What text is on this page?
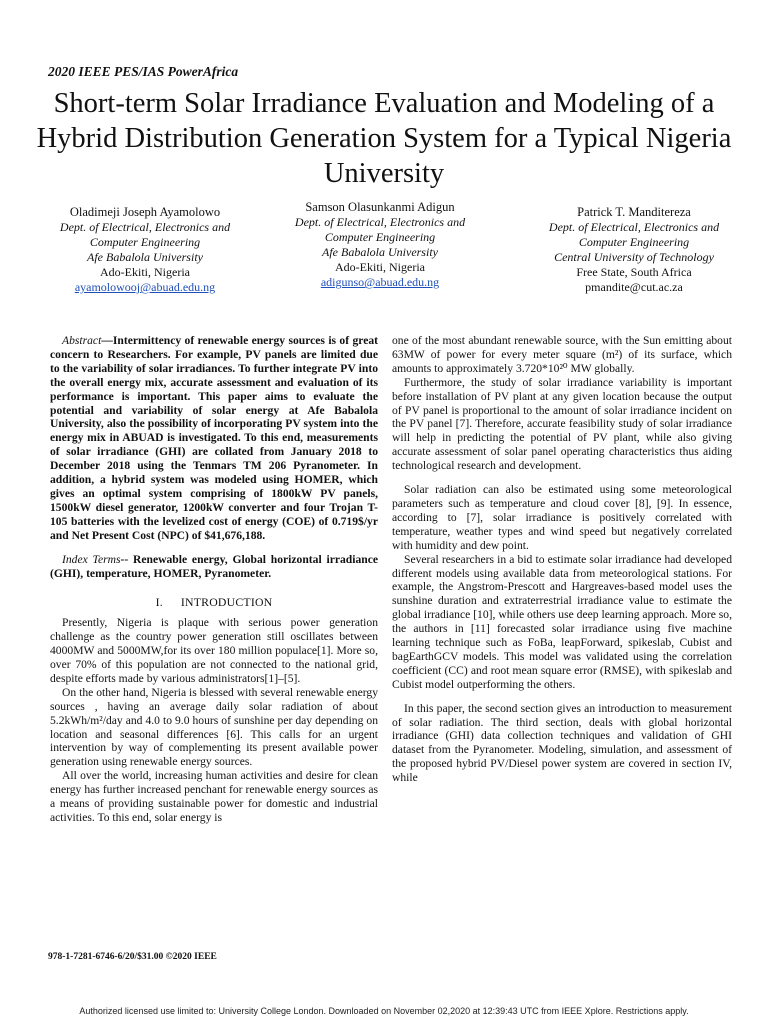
2020 IEEE PES/IAS PowerAfrica
Short-term Solar Irradiance Evaluation and Modeling of a Hybrid Distribution Generation System for a Typical Nigeria University
Oladimeji Joseph Ayamolowo
Dept. of Electrical, Electronics and
Computer Engineering
Afe Babalola University
Ado-Ekiti, Nigeria
ayamolowooj@abuad.edu.ng
Samson Olasunkanmi Adigun
Dept. of Electrical, Electronics and
Computer Engineering
Afe Babalola University
Ado-Ekiti, Nigeria
adigunso@abuad.edu.ng
Patrick T. Manditereza
Dept. of Electrical, Electronics and
Computer Engineering
Central University of Technology
Free State, South Africa
pmandite@cut.ac.za

Abstract—Intermittency of renewable energy sources is of great concern to Researchers. For example, PV panels are limited due to the variability of solar irradiances. To further integrate PV into the overall energy mix, accurate assessment and evaluation of its performance is important. This paper aims to evaluate the potential and variability of solar energy at Afe Babalola University, also the possibility of incorporating PV system into the energy mix in ABUAD is investigated. To this end, measurements of solar irradiance (GHI) are collated from January 2018 to December 2018 using the Tenmars TM 206 Pyranometer. In addition, a hybrid system was modeled using HOMER, which gives an optimal system comprising of 1800kW PV panels, 1500kW diesel generator, 1200kW converter and four Trojan T-105 batteries with the levelized cost of energy (COE) of 0.719$/yr and Net Present Cost (NPC) of $41,676,188.

Index Terms-- Renewable energy, Global horizontal irradiance (GHI), temperature, HOMER, Pyranometer.

I. INTRODUCTION

Presently, Nigeria is plaque with serious power generation challenge as the country power generation still oscillates between 4000MW and 5000MW,for its over 180 million populace[1]. More so, over 70% of this population are not connected to the national grid, despite efforts made by various administrators[1]–[5].

On the other hand, Nigeria is blessed with several renewable energy sources , having an average daily solar radiation of about 5.2kWh/m²/day and 4.0 to 9.0 hours of sunshine per day depending on location and seasonal differences [6]. This calls for an urgent intervention by way of complementing its present available power generation using renewable energy sources.

All over the world, increasing human activities and desire for clean energy has further increased penchant for renewable energy sources as a means of providing sustainable power for domestic and industrial activities. To this end, solar energy is

one of the most abundant renewable source, with the Sun emitting about 63MW of power for every meter square (m²) of its surface, which amounts to approximately 3.720*10²⁰ MW globally.

Furthermore, the study of solar irradiance variability is important before installation of PV plant at any given location because the output of PV panel is proportional to the amount of solar irradiance incident on the PV panel [7]. Therefore, accurate feasibility study of solar irradiance will help in predicting the potential of PV plant, while also giving accurate assessment of solar panel operating characteristics thus aiding technological research and development.

Solar radiation can also be estimated using some meteorological parameters such as temperature and cloud cover [8], [9]. In essence, according to [7], solar irradiance is positively correlated with temperature, weather types and wind speed but negatively correlated with humidity and dew point.

Several researchers in a bid to estimate solar irradiance had developed different models using available data from meteorological stations. For example, the Angstrom-Prescott and Hargreaves-based model uses the sunshine duration and extraterrestrial irradiance value to estimate the global irradiance [10], while others use deep learning approach. More so, the authors in [11] forecasted solar irradiance using five machine learning technique such as FoBa, leapForward, spikeslab, Cubist and bagEarthGCV models. This model was validated using the correlation coefficient (CC) and root mean square error (RMSE), with spikeslab and Cubist model outperforming the others.

In this paper, the second section gives an introduction to measurement of solar radiation. The third section, deals with global horizontal irradiance (GHI) data collection techniques and validation of GHI dataset from the Pyranometer. Modeling, simulation, and assessment of the proposed hybrid PV/Diesel power system are covered in section IV, while

978-1-7281-6746-6/20/$31.00 ©2020 IEEE
Authorized licensed use limited to: University College London. Downloaded on November 02,2020 at 12:39:43 UTC from IEEE Xplore. Restrictions apply.
